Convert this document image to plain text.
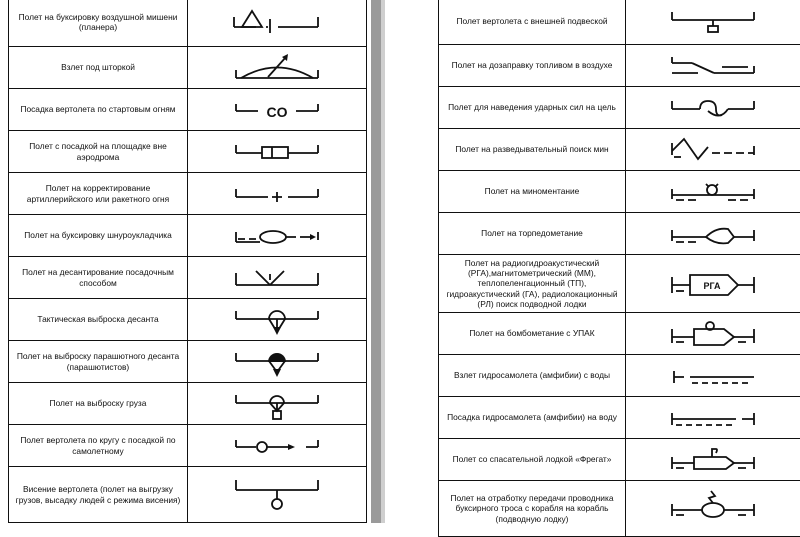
Полет на буксировку воздушной мишени (планера)	

Взлет под шторкой	

Посадка вертолета по стартовым огням	CO

Полет с посадкой на площадке вне аэродрома	

Полет на корректирование артиллерийского или ракетного огня	

Полет на буксировку шнуроукладчика	

Полет на десантирование посадочным способом	

Тактическая выброска десанта	

Полет на выброску парашютного десанта (парашютистов)	

Полет на выброску груза	

Полет вертолета по кругу с посадкой по самолетному	

Висение вертолета (полет на выгрузку грузов, высадку людей с режима висения)	
Полет вертолета с внешней подвеской	

Полет на дозаправку топливом в воздухе	

Полет для наведения ударных сил на цель	

Полет на разведывательный поиск мин	

Полет на миноментание	

Полет на торпедометание	

Полет на радиогидроакустический (РГА),магнитометрический (ММ), теплопеленгационный (ТП), гидроакустический (ГА), радиолокационный (РЛ) поиск подводной лодки	РГА

Полет на бомбометание с УПАК	

Взлет гидросамолета (амфибии) с воды	

Посадка гидросамолета (амфибии) на воду	

Полет со спасательной лодкой «Фрегат»	

Полет на отработку передачи проводника буксирного троса с корабля на корабль (подводную лодку)	
